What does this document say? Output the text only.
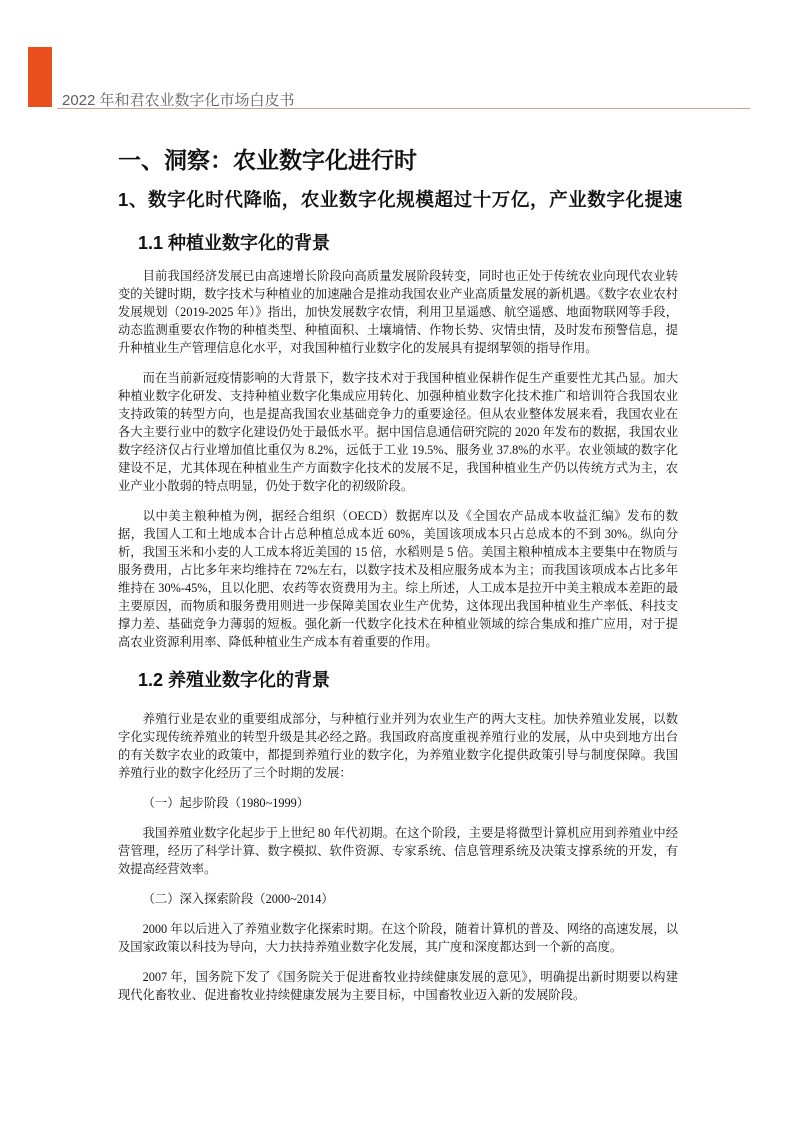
2022 年和君农业数字化市场白皮书
一、洞察：农业数字化进行时
1、数字化时代降临，农业数字化规模超过十万亿，产业数字化提速
1.1 种植业数字化的背景

目前我国经济发展已由高速增长阶段向高质量发展阶段转变，同时也正处于传统农业向现代农业转变的关键时期，数字技术与种植业的加速融合是推动我国农业产业高质量发展的新机遇。《数字农业农村发展规划（2019-2025 年）》指出，加快发展数字农情，利用卫星遥感、航空遥感、地面物联网等手段，动态监测重要农作物的种植类型、种植面积、土壤墒情、作物长势、灾情虫情，及时发布预警信息，提升种植业生产管理信息化水平，对我国种植行业数字化的发展具有提纲挈领的指导作用。

而在当前新冠疫情影响的大背景下，数字技术对于我国种植业保耕作促生产重要性尤其凸显。加大种植业数字化研发、支持种植业数字化集成应用转化、加强种植业数字化技术推广和培训符合我国农业支持政策的转型方向，也是提高我国农业基础竞争力的重要途径。但从农业整体发展来看，我国农业在各大主要行业中的数字化建设仍处于最低水平。据中国信息通信研究院的 2020 年发布的数据，我国农业数字经济仅占行业增加值比重仅为 8.2%，远低于工业 19.5%、服务业 37.8%的水平。农业领域的数字化建设不足，尤其体现在种植业生产方面数字化技术的发展不足，我国种植业生产仍以传统方式为主，农业产业小散弱的特点明显，仍处于数字化的初级阶段。

以中美主粮种植为例，据经合组织（OECD）数据库以及《全国农产品成本收益汇编》发布的数据，我国人工和土地成本合计占总种植总成本近 60%，美国该项成本只占总成本的不到 30%。纵向分析，我国玉米和小麦的人工成本将近美国的 15 倍，水稻则是 5 倍。美国主粮种植成本主要集中在物质与服务费用，占比多年来均维持在 72%左右，以数字技术及相应服务成本为主；而我国该项成本占比多年维持在 30%-45%，且以化肥、农药等农资费用为主。综上所述，人工成本是拉开中美主粮成本差距的最主要原因，而物质和服务费用则进一步保障美国农业生产优势，这体现出我国种植业生产率低、科技支撑力差、基础竞争力薄弱的短板。强化新一代数字化技术在种植业领域的综合集成和推广应用，对于提高农业资源利用率、降低种植业生产成本有着重要的作用。

1.2 养殖业数字化的背景

养殖行业是农业的重要组成部分，与种植行业并列为农业生产的两大支柱。加快养殖业发展，以数字化实现传统养殖业的转型升级是其必经之路。我国政府高度重视养殖行业的发展，从中央到地方出台的有关数字农业的政策中，都提到养殖行业的数字化，为养殖业数字化提供政策引导与制度保障。我国养殖行业的数字化经历了三个时期的发展：

（一）起步阶段（1980~1999）

我国养殖业数字化起步于上世纪 80 年代初期。在这个阶段，主要是将微型计算机应用到养殖业中经营管理，经历了科学计算、数字模拟、软件资源、专家系统、信息管理系统及决策支撑系统的开发，有效提高经营效率。

（二）深入探索阶段（2000~2014）

2000 年以后进入了养殖业数字化探索时期。在这个阶段，随着计算机的普及、网络的高速发展，以及国家政策以科技为导向，大力扶持养殖业数字化发展，其广度和深度都达到一个新的高度。

2007 年，国务院下发了《国务院关于促进畜牧业持续健康发展的意见》，明确提出新时期要以构建现代化畜牧业、促进畜牧业持续健康发展为主要目标，中国畜牧业迈入新的发展阶段。
